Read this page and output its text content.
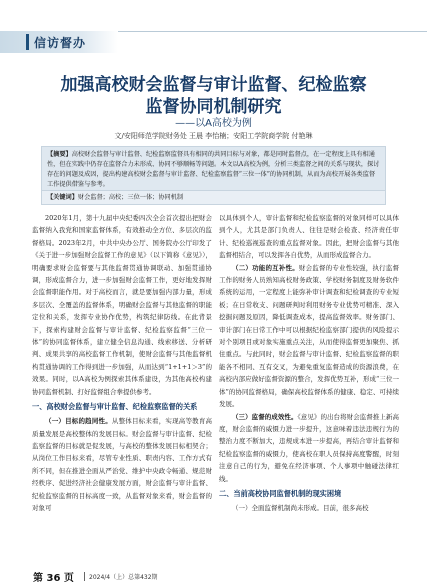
信访督办
加强高校财会监督与审计监督、纪检监察
监督协同机制研究
——以A高校为例
文/安阳师范学院财务处 王晨 李怡楠；安阳工学院商学院 付艳琳
【摘要】高校财会监督与审计监督、纪检监察监督具有相同的共同目标与对象，都是同时监督点，在一定程度上具有相通性，但在实践中仍存在监督合力未形成、协同不够顺畅等问题。本文以A高校为例，分析三类监督之间的关系与现状，探讨存在的问题及成因，提出构建高校财会监督与审计监督、纪检监察监督“三位一体”的协同机制，从而为高校开展各类监督工作提供借鉴与参考。
【关键词】财会监督；高校；三位一体；协同机制

2020年1月，第十九届中央纪委四次全会首次提出把财会监督纳入我党和国家监督体系，有效推动全方位、多层次的监督格局。2023年2月，中共中央办公厅、国务院办公厅印发了《关于进一步加强财会监督工作的意见》（以下简称《意见》），明确要求财会监督要与其他监督贯通协调联动、加强贯通协调，形成监督合力，进一步加强财会监督工作，更好地发挥财会监督职能作用。对于高校而言，就是要加强内部力量，形成多层次、全覆盖的监督体系，明确财会监督与其他监督的职能定位和关系，发挥专业协作优势，构筑纪律防线。在此背景下，探索构建财会监督与审计监督、纪检监察监督“三位一体”的协同监督体系，建立健全信息沟通、线索移送、分析研判、成果共享的高校监督工作机制，使财会监督与其他监督机构贯通协调的工作得到进一步加强，从而达到“1+1+1＞3”的效果。同时，以A高校为例探索其体系建设，为其他高校构建协同监督机制、打好监督组合拳提供参考。

一、高校财会监督与审计监督、纪检监察监督的关系

（一）目标的趋同性。从整体目标来看，实现高等教育高质量发展是高校整体的发展目标。财会监督与审计监督、纪检监察监督的目标就是促发展，与高校的整体发展目标相契合；从岗位工作目标来看，尽管专业性质、职责内容、工作方式有所不同，但在推进全面从严治党、维护中央政令畅通、规范财经秩序、促进经济社会健康发展方面，财会监督与审计监督、纪检监察监督的目标高度一致，从监督对象来看，财会监督的对象可

以具体到个人，审计监督和纪检监察监督的对象同样可以具体到个人，尤其是部门负责人、往往是财会检查、经济责任审计、纪检巡视巡查的重点监督对象。因此，把财会监督与其他监督相结合，可以发挥各自优势，从而形成监督合力。

（二）功能的互补性。财会监督的专业性较强，执行监督工作的财务人员熟知高校财务政策、学校财务制度及财务软件系统的运用，一定程度上能弥补审计调查和纪检调查的专业短板；在日常收支、问题研判时利用财务专业优势可精准、深入挖掘问题及原因，降低调查成本，提高监督效率。财务部门、审计部门在日常工作中可以根据纪检监察部门提供的风险提示对个别项目或对象实施重点关注，从而使得监督更加聚焦、抓住重点。与此同时，财会监督与审计监督、纪检监察监督的职能各不相同、互有交叉，为避免重复监督造成的资源浪费，在高校内部应做好监督资源的整合，发挥优势互补，形成“三位一体”的协同监督格局，确保高校监督体系的健康、稳定、可持续发展。

（三）监督的成效性。《意见》的出台将财会监督推上新高度，财会监督的威慑力进一步提升，这意味着违法违规行为的整治力度不断加大，违规成本进一步提高，再结合审计监督和纪检监察监督的威慑力，使高校在职人员保持高度警醒，时刻注意自己的行为，避免在经济事项、个人事项中触碰法律红线。

二、当前高校协同监督机制的现实困境

（一）全面监督机制尚未形成。目前，很多高校

第 36 页	2024/4（上）总第432期
